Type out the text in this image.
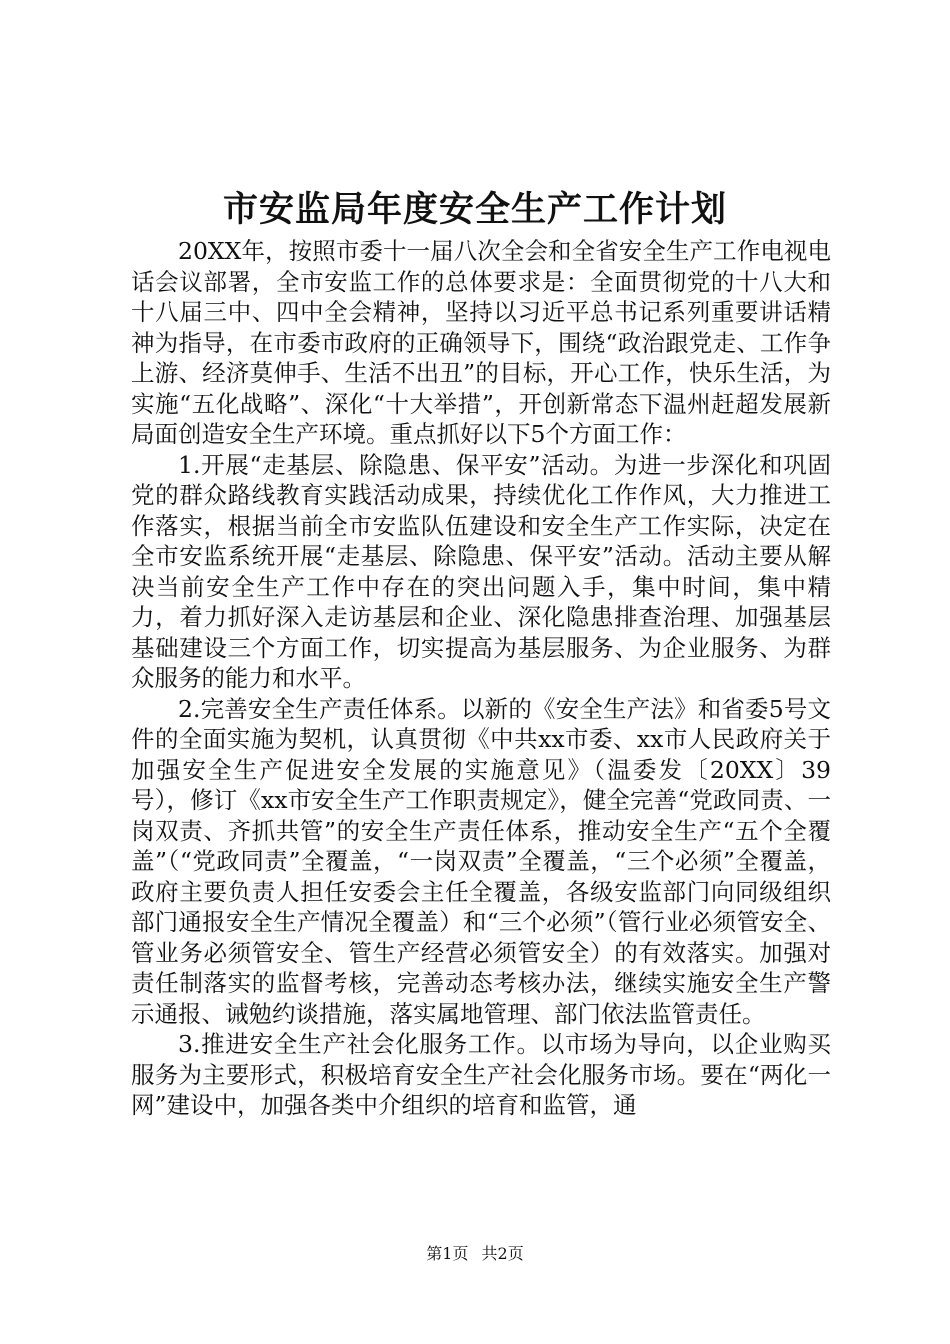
市安监局年度安全生产工作计划

20XX年，按照市委十一届八次全会和全省安全生产工作电视电话会议部署，全市安监工作的总体要求是：全面贯彻党的十八大和十八届三中、四中全会精神，坚持以习近平总书记系列重要讲话精神为指导，在市委市政府的正确领导下，围绕“政治跟党走、工作争上游、经济莫伸手、生活不出丑”的目标，开心工作，快乐生活，为实施“五化战略”、深化“十大举措”，开创新常态下温州赶超发展新局面创造安全生产环境。重点抓好以下5个方面工作：

1.开展“走基层、除隐患、保平安”活动。为进一步深化和巩固党的群众路线教育实践活动成果，持续优化工作作风，大力推进工作落实，根据当前全市安监队伍建设和安全生产工作实际，决定在全市安监系统开展“走基层、除隐患、保平安”活动。活动主要从解决当前安全生产工作中存在的突出问题入手，集中时间，集中精力，着力抓好深入走访基层和企业、深化隐患排查治理、加强基层基础建设三个方面工作，切实提高为基层服务、为企业服务、为群众服务的能力和水平。

2.完善安全生产责任体系。以新的《安全生产法》和省委5号文件的全面实施为契机，认真贯彻《中共xx市委、xx市人民政府关于加强安全生产促进安全发展的实施意见》（温委发〔20XX〕39号），修订《xx市安全生产工作职责规定》，健全完善“党政同责、一岗双责、齐抓共管”的安全生产责任体系，推动安全生产“五个全覆盖”（“党政同责”全覆盖，“一岗双责”全覆盖，“三个必须”全覆盖，政府主要负责人担任安委会主任全覆盖，各级安监部门向同级组织部门通报安全生产情况全覆盖）和“三个必须”（管行业必须管安全、管业务必须管安全、管生产经营必须管安全）的有效落实。加强对责任制落实的监督考核，完善动态考核办法，继续实施安全生产警示通报、诫勉约谈措施，落实属地管理、部门依法监管责任。

3.推进安全生产社会化服务工作。以市场为导向，以企业购买服务为主要形式，积极培育安全生产社会化服务市场。要在“两化一网”建设中，加强各类中介组织的培育和监管，通

第1页 共2页
